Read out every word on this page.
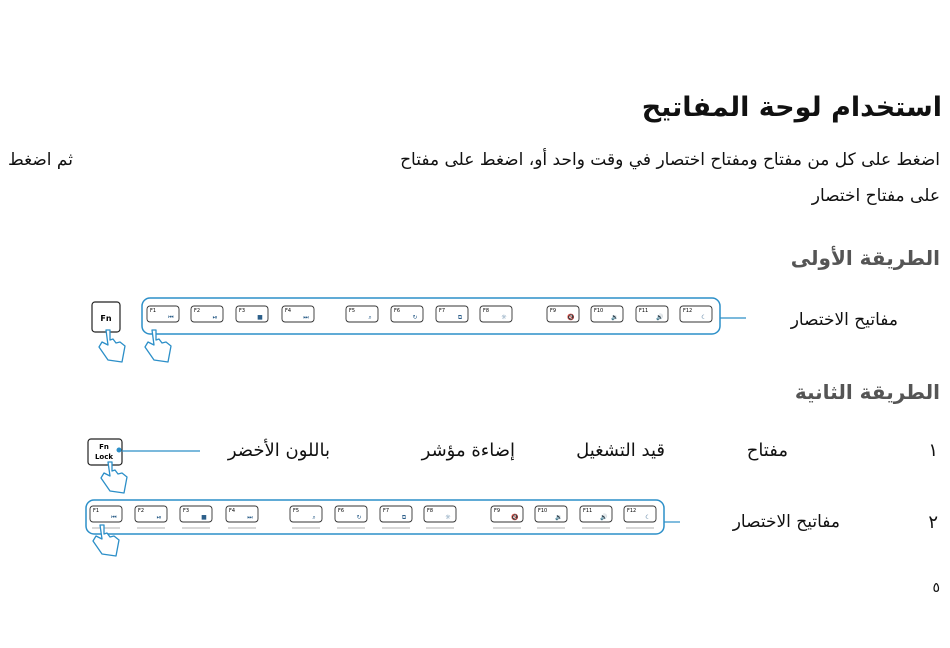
استخدام لوحة المفاتيح
اضغط على كل من مفتاح ومفتاح اختصار في وقت واحد أو، اضغط على مفتاح
ثم اضغط
على مفتاح اختصار
الطريقة الأولى
مفاتيح الاختصار
الطريقة الثانية
١
مفتاح
قيد التشغيل
إضاءة مؤشر
باللون الأخضر
٢
مفاتيح الاختصار
٥
F1
⏮
F2
⏯
F3
■
F4
⏭
F5
⌕
F6
↻
F7
⧉
F8
☼
F9
🔇
F10
🔉
F11
🔊
F12
☾
F1
⏮
F2
⏯
F3
■
F4
⏭
F5
⌕
F6
↻
F7
⧉
F8
☼
F9
🔇
F10
🔉
F11
🔊
F12
☾
Fn
Fn
Lock
